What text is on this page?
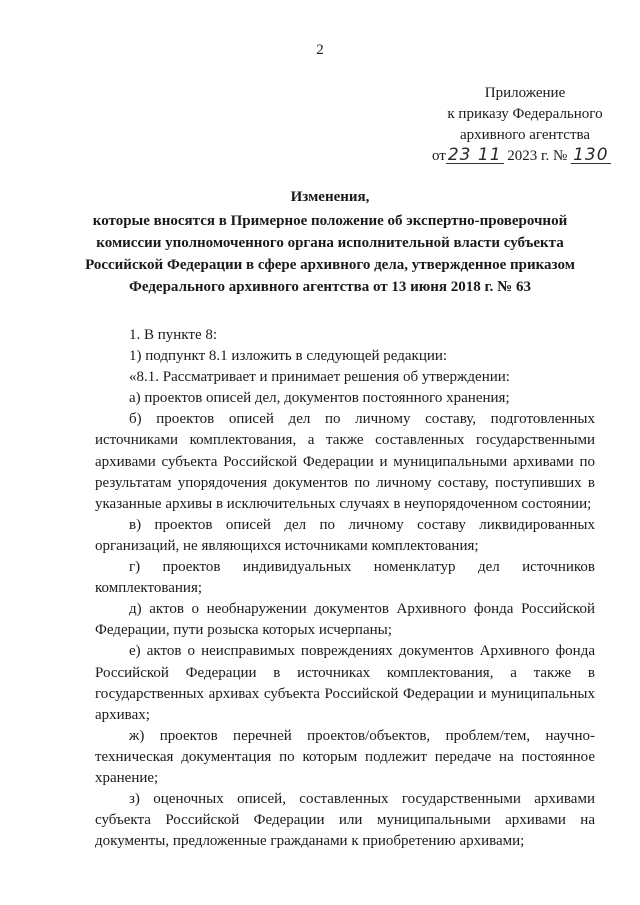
2
Приложение
к приказу Федерального
архивного агентства
от 23 11 2023 г. № 130
Изменения,
которые вносятся в Примерное положение об экспертно-проверочной
комиссии уполномоченного органа исполнительной власти субъекта
Российской Федерации в сфере архивного дела, утвержденное приказом
Федерального архивного агентства от 13 июня 2018 г. № 63

1. В пункте 8:

1) подпункт 8.1 изложить в следующей редакции:

«8.1. Рассматривает и принимает решения об утверждении:

а) проектов описей дел, документов постоянного хранения;

б) проектов описей дел по личному составу, подготовленных источниками комплектования, а также составленных государственными архивами субъекта Российской Федерации и муниципальными архивами по результатам упорядочения документов по личному составу, поступивших в указанные архивы в исключительных случаях в неупорядоченном состоянии;

в) проектов описей дел по личному составу ликвидированных организаций, не являющихся источниками комплектования;

г) проектов индивидуальных номенклатур дел источников комплектования;

д) актов о необнаружении документов Архивного фонда Российской Федерации, пути розыска которых исчерпаны;

е) актов о неисправимых повреждениях документов Архивного фонда Российской Федерации в источниках комплектования, а также в государственных архивах субъекта Российской Федерации и муниципальных архивах;

ж) проектов перечней проектов/объектов, проблем/тем, научно-техническая документация по которым подлежит передаче на постоянное хранение;

з) оценочных описей, составленных государственными архивами субъекта Российской Федерации или муниципальными архивами на документы, предложенные гражданами к приобретению архивами;
